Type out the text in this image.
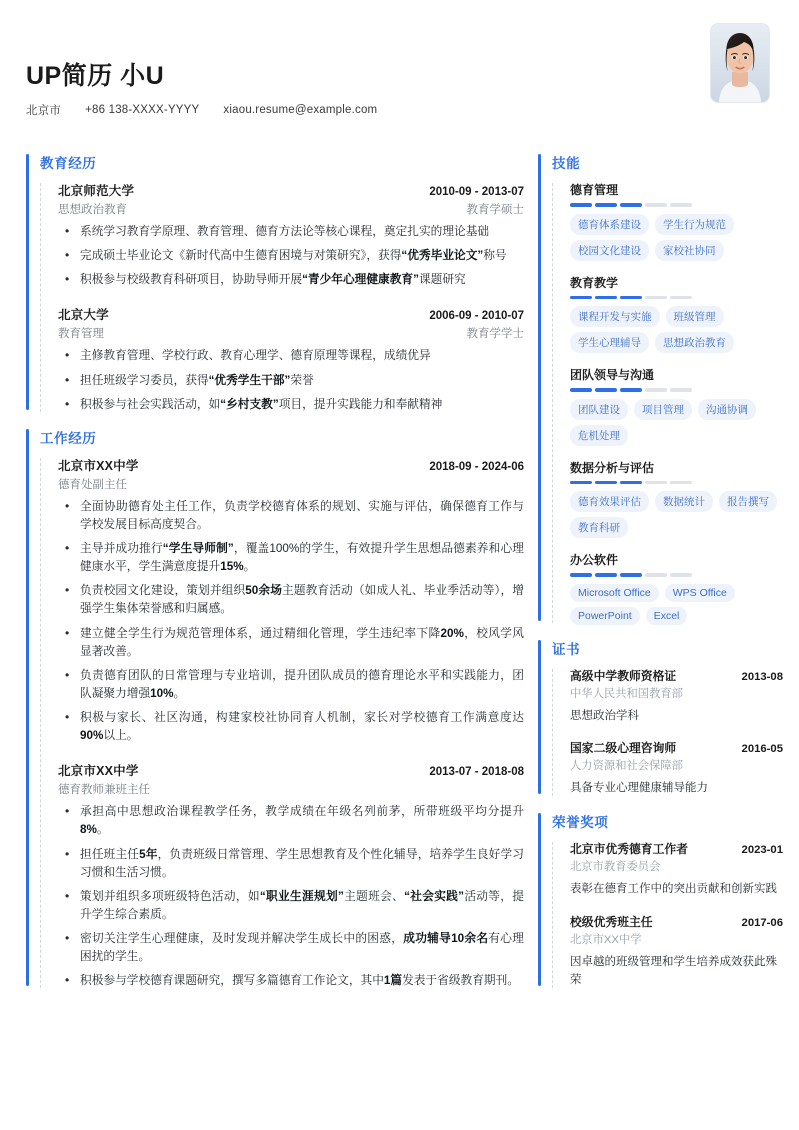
UP简历 小U
北京市 +86 138-XXXX-YYYY xiaou.resume@example.com
教育经历
北京师范大学	2010-09 - 2013-07
思想政治教育	教育学硕士
• 系统学习教育学原理、教育管理、德育方法论等核心课程，奠定扎实的理论基础
• 完成硕士毕业论文《新时代高中生德育困境与对策研究》，获得“优秀毕业论文”称号
• 积极参与校级教育科研项目，协助导师开展“青少年心理健康教育”课题研究
北京大学	2006-09 - 2010-07
教育管理	教育学学士
• 主修教育管理、学校行政、教育心理学、德育原理等课程，成绩优异
• 担任班级学习委员，获得“优秀学生干部”荣誉
• 积极参与社会实践活动，如“乡村支教”项目，提升实践能力和奉献精神
工作经历
北京市XX中学	2018-09 - 2024-06
德育处副主任
• 全面协助德育处主任工作，负责学校德育体系的规划、实施与评估，确保德育工作与学校发展目标高度契合。
• 主导并成功推行“学生导师制”，覆盖100%的学生，有效提升学生思想品德素养和心理健康水平，学生满意度提升15%。
• 负责校园文化建设，策划并组织50余场主题教育活动（如成人礼、毕业季活动等），增强学生集体荣誉感和归属感。
• 建立健全学生行为规范管理体系，通过精细化管理，学生违纪率下降20%，校风学风显著改善。
• 负责德育团队的日常管理与专业培训，提升团队成员的德育理论水平和实践能力，团队凝聚力增强10%。
• 积极与家长、社区沟通，构建家校社协同育人机制，家长对学校德育工作满意度达90%以上。
北京市XX中学	2013-07 - 2018-08
德育教师兼班主任
• 承担高中思想政治课程教学任务，教学成绩在年级名列前茅，所带班级平均分提升8%。
• 担任班主任5年，负责班级日常管理、学生思想教育及个性化辅导，培养学生良好学习习惯和生活习惯。
• 策划并组织多项班级特色活动，如“职业生涯规划”主题班会、“社会实践”活动等，提升学生综合素质。
• 密切关注学生心理健康，及时发现并解决学生成长中的困惑，成功辅导10余名有心理困扰的学生。
• 积极参与学校德育课题研究，撰写多篇德育工作论文，其中1篇发表于省级教育期刊。
技能
德育管理
德育体系建设	学生行为规范
校园文化建设	家校社协同
教育教学
课程开发与实施	班级管理
学生心理辅导	思想政治教育
团队领导与沟通
团队建设	项目管理	沟通协调
危机处理
数据分析与评估
德育效果评估	数据统计	报告撰写
教育科研
办公软件
Microsoft Office	WPS Office
PowerPoint	Excel
证书
高级中学教师资格证	2013-08
中华人民共和国教育部
思想政治学科
国家二级心理咨询师	2016-05
人力资源和社会保障部
具备专业心理健康辅导能力
荣誉奖项
北京市优秀德育工作者	2023-01
北京市教育委员会
表彰在德育工作中的突出贡献和创新实践
校级优秀班主任	2017-06
北京市XX中学
因卓越的班级管理和学生培养成效获此殊荣
